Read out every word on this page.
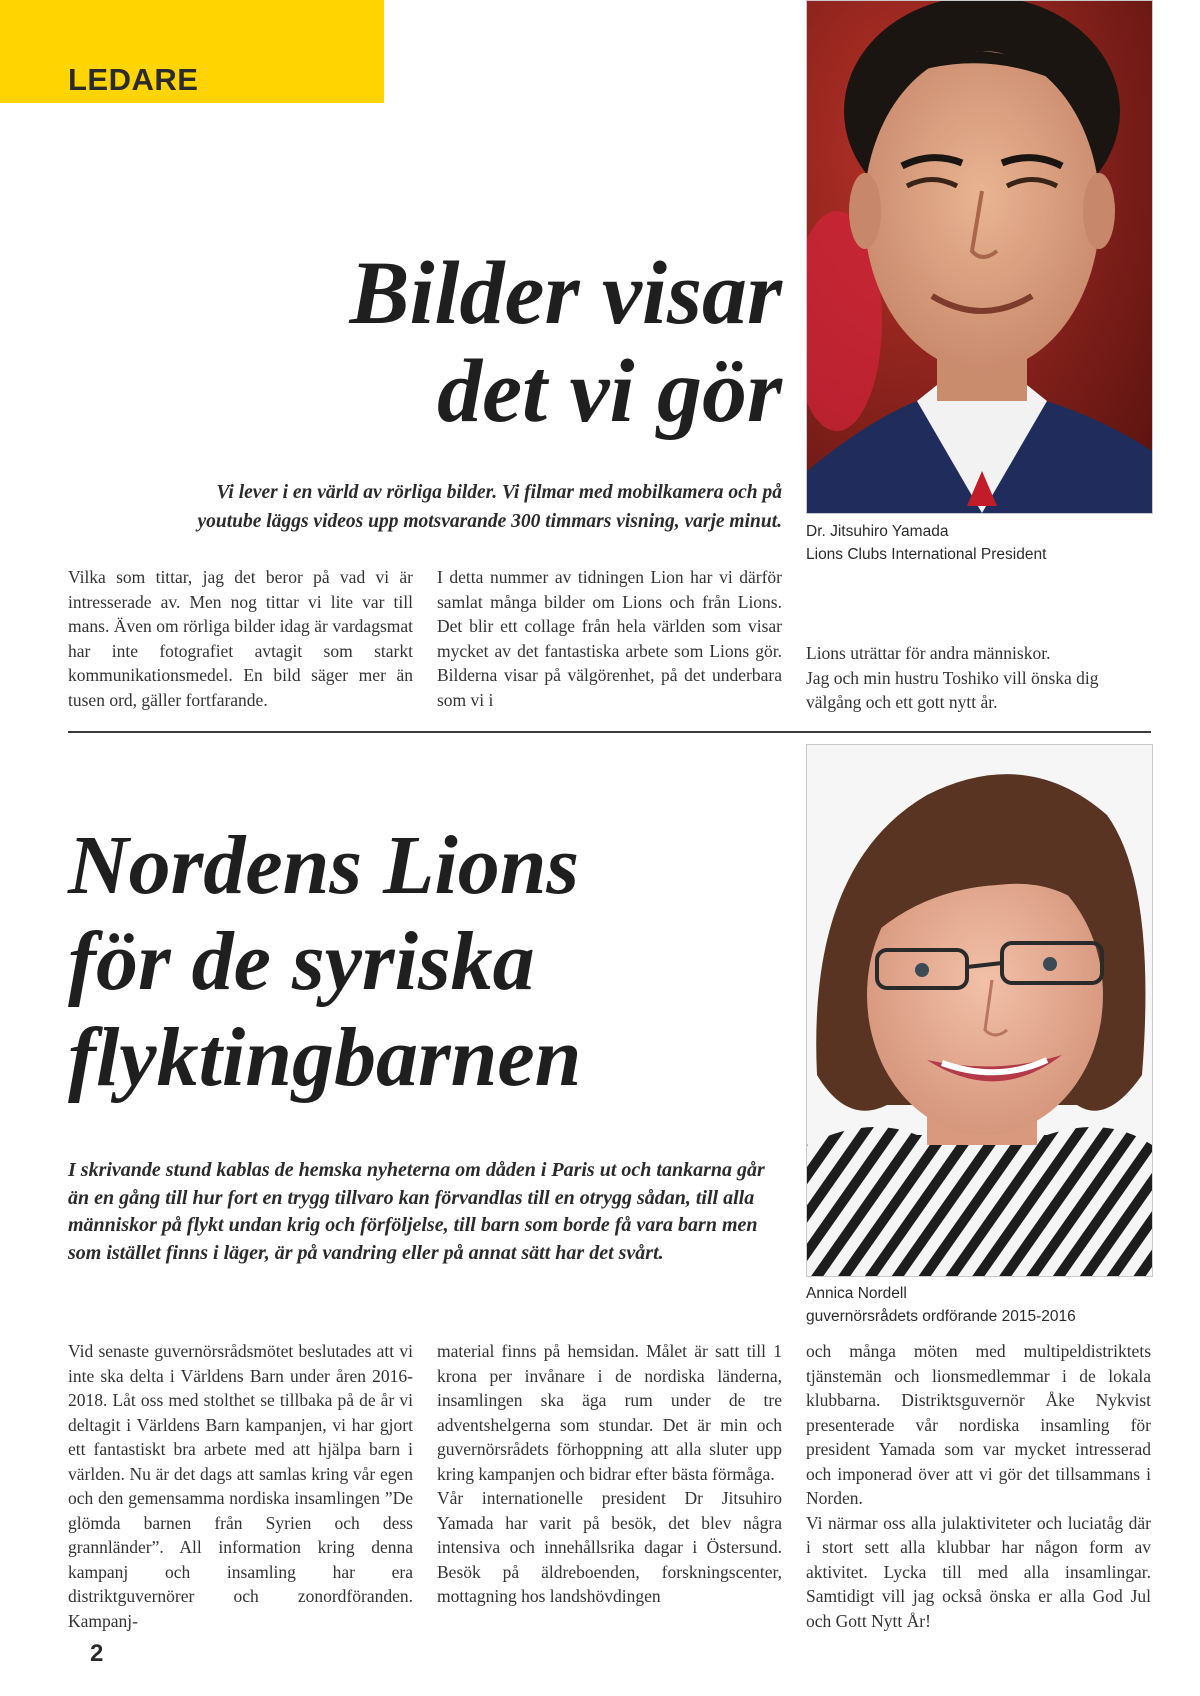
LEDARE
Bilder visar
det vi gör
Vi lever i en värld av rörliga bilder. Vi filmar med mobilkamera och på
youtube läggs videos upp motsvarande 300 timmars visning, varje minut.
Vilka som tittar, jag det beror på vad vi är intresserade av. Men nog tittar vi lite var till mans. Även om rörliga bilder idag är vardagsmat har inte fotografiet avtagit som starkt kommunikationsmedel. En bild säger mer än tusen ord, gäller fortfarande.
I detta nummer av tidningen Lion har vi därför samlat många bilder om Lions och från Lions. Det blir ett collage från hela världen som visar mycket av det fantastiska arbete som Lions gör. Bilderna visar på välgörenhet, på det underbara som vi i

Lions uträttar för andra människor.

Jag och min hustru Toshiko vill önska dig välgång och ett gott nytt år.

Dr. Jitsuhiro Yamada
Lions Clubs International President
Nordens Lions
för de syriska
flyktingbarnen
I skrivande stund kablas de hemska nyheterna om dåden i Paris ut och tankarna går än en gång till hur fort en trygg tillvaro kan förvandlas till en otrygg sådan, till alla människor på flykt undan krig och förföljelse, till barn som borde få vara barn men som istället finns i läger, är på vandring eller på annat sätt har det svårt.
Vid senaste guvernörsrådsmötet beslutades att vi inte ska delta i Världens Barn under åren 2016-2018. Låt oss med stolthet se tillbaka på de år vi deltagit i Världens Barn kampanjen, vi har gjort ett fantastiskt bra arbete med att hjälpa barn i världen. Nu är det dags att samlas kring vår egen och den gemensamma nordiska insamlingen ”De glömda barnen från Syrien och dess grannländer”. All information kring denna kampanj och insamling har era distriktguvernörer och zonordföranden. Kampanj-

material finns på hemsidan. Målet är satt till 1 krona per invånare i de nordiska länderna, insamlingen ska äga rum under de tre adventshelgerna som stundar. Det är min och guvernörsrådets förhoppning att alla sluter upp kring kampanjen och bidrar efter bästa förmåga.

Vår internationelle president Dr Jitsuhiro Yamada har varit på besök, det blev några intensiva och innehållsrika dagar i Östersund. Besök på äldreboenden, forskningscenter, mottagning hos landshövdingen

och många möten med multipeldistriktets tjänstemän och lionsmedlemmar i de lokala klubbarna. Distriktsguvernör Åke Nykvist presenterade vår nordiska insamling för president Yamada som var mycket intresserad och imponerad över att vi gör det tillsammans i Norden.

Vi närmar oss alla julaktiviteter och luciatåg där i stort sett alla klubbar har någon form av aktivitet. Lycka till med alla insamlingar. Samtidigt vill jag också önska er alla God Jul och Gott Nytt År!

Annica Nordell
guvernörsrådets ordförande 2015-2016
2
